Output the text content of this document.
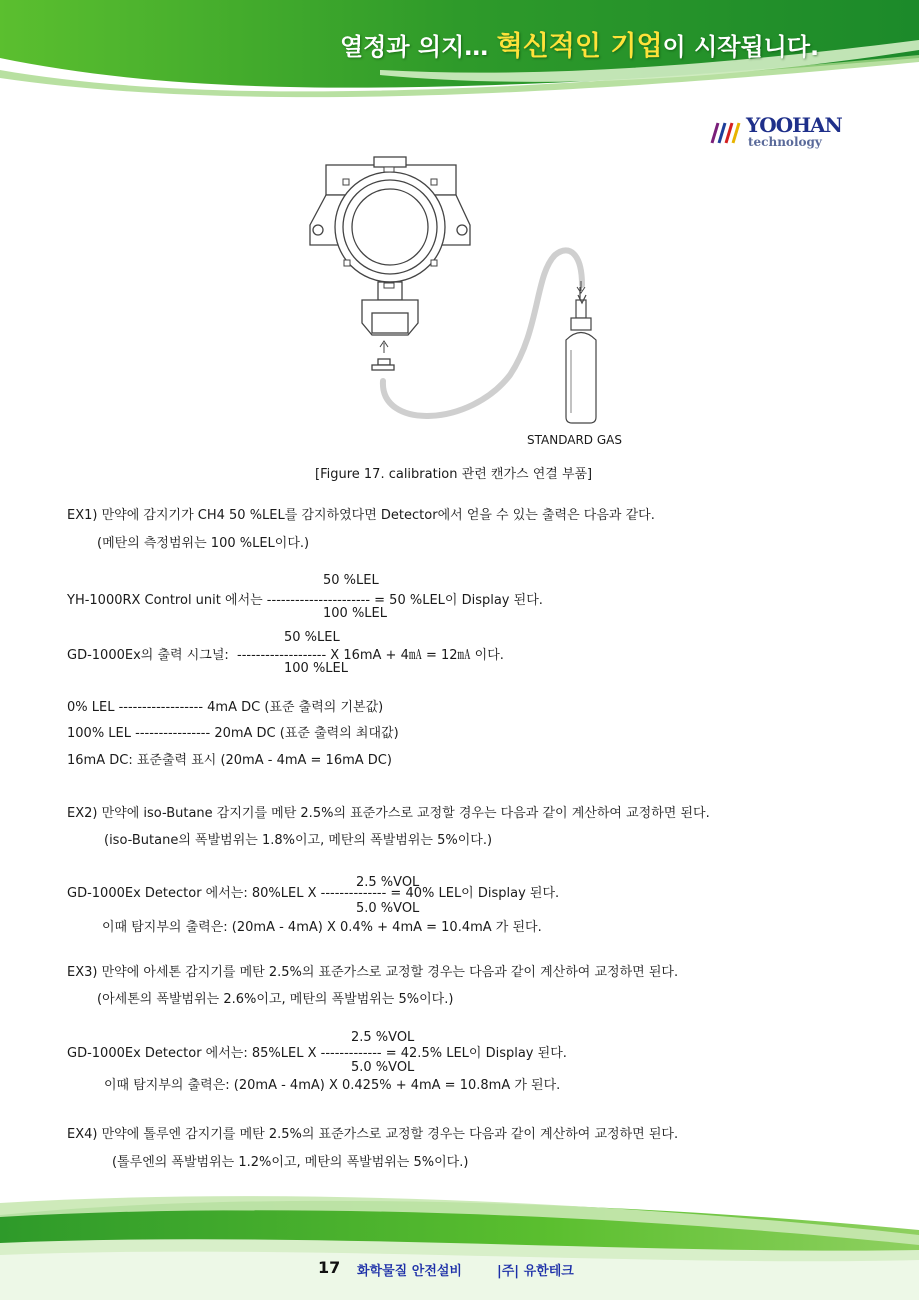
열정과 의지… 혁신적인 기업이 시작됩니다.
YOOHAN
technology
STANDARD GAS
[Figure 17. calibration 관련 캔가스 연결 부품]
EX1) 만약에 감지기가 CH4 50 %LEL를 감지하였다면 Detector에서 얻을 수 있는 출력은 다음과 같다.
(메탄의 측정범위는 100 %LEL이다.)
50 %LEL
YH-1000RX Control unit 에서는 ---------------------- = 50 %LEL이 Display 된다.
100 %LEL
50 %LEL
GD-1000Ex의 출력 시그널:  ------------------- X 16mA + 4㎃ = 12㎃ 이다.
100 %LEL
0% LEL ------------------ 4mA DC (표준 출력의 기본값)
100% LEL ---------------- 20mA DC (표준 출력의 최대값)
16mA DC: 표준출력 표시 (20mA - 4mA = 16mA DC)
EX2) 만약에 iso-Butane 감지기를 메탄 2.5%의 표준가스로 교정할 경우는 다음과 같이 계산하여 교정하면 된다.
(iso-Butane의 폭발범위는 1.8%이고, 메탄의 폭발범위는 5%이다.)
2.5 %VOL
GD-1000Ex Detector 에서는: 80%LEL X -------------- = 40% LEL이 Display 된다.
5.0 %VOL
이때 탐지부의 출력은: (20mA - 4mA) X 0.4% + 4mA = 10.4mA 가 된다.
EX3) 만약에 아세톤 감지기를 메탄 2.5%의 표준가스로 교정할 경우는 다음과 같이 계산하여 교정하면 된다.
(아세톤의 폭발범위는 2.6%이고, 메탄의 폭발범위는 5%이다.)
2.5 %VOL
GD-1000Ex Detector 에서는: 85%LEL X ------------- = 42.5% LEL이 Display 된다.
5.0 %VOL
이때 탐지부의 출력은: (20mA - 4mA) X 0.425% + 4mA = 10.8mA 가 된다.
EX4) 만약에 톨루엔 감지기를 메탄 2.5%의 표준가스로 교정할 경우는 다음과 같이 계산하여 교정하면 된다.
(톨루엔의 폭발범위는 1.2%이고, 메탄의 폭발범위는 5%이다.)
17 화학물질 안전설비	|주| 유한테크
